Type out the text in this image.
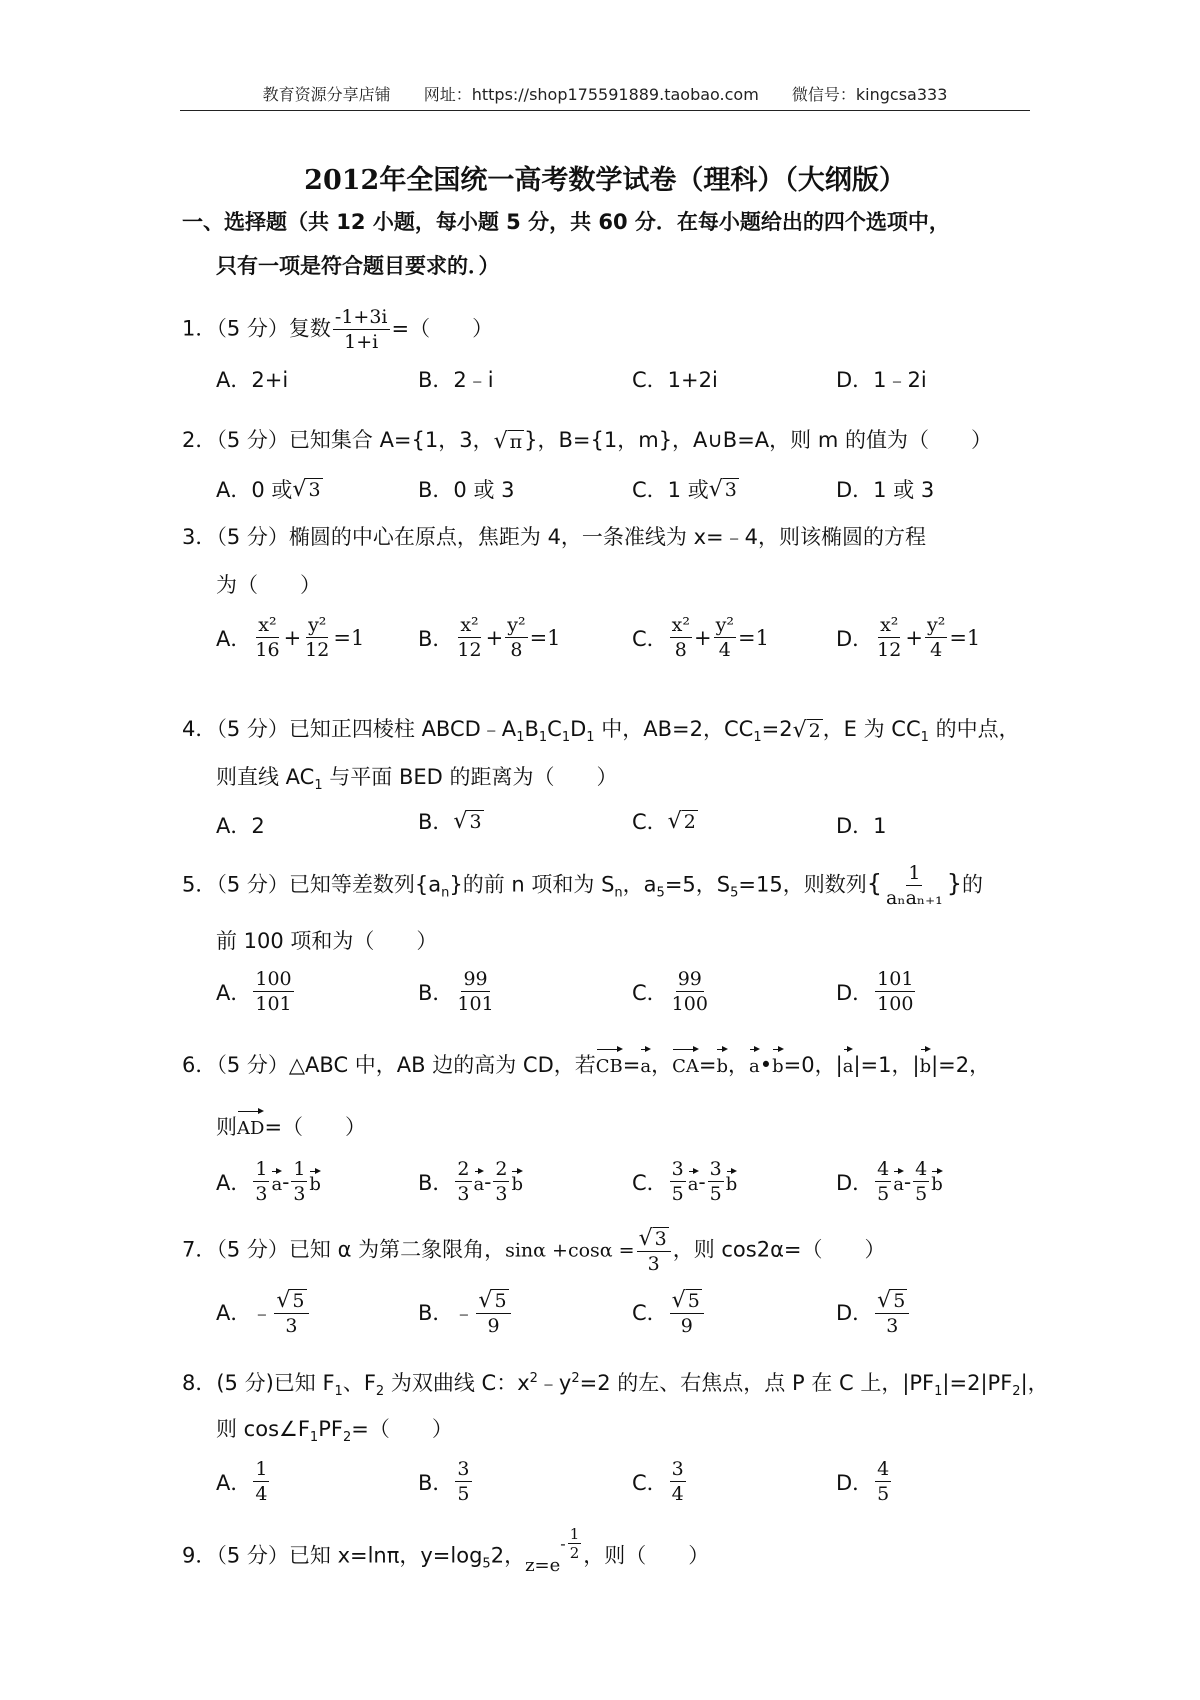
教育资源分享店铺 网址：https://shop175591889.taobao.com 微信号：kingcsa333
2012年全国统一高考数学试卷（理科）（大纲版）
一、选择题（共 12 小题，每小题 5 分，共 60 分．在每小题给出的四个选项中，
只有一项是符合题目要求的．）
1．（5 分）复数 $\frac{-1+3i}{1+i}$ =（　　）
A．2+i	B．2﹣i	C．1+2i	D．1﹣2i
2．（5 分）已知集合 A={1，3， √ π }，B={1，m}，A∪B=A，则 m 的值为（　　）
A．0 或 √ 3	B．0 或 3	C．1 或 √ 3	D．1 或 3
3．（5 分）椭圆的中心在原点，焦距为 4，一条准线为 x=﹣4，则该椭圆的方程
为（　　）
A． $\frac{\text{x²}}{16} + \frac{\text{y²}}{12} =1$	B． $\frac{\text{x²}}{12} + \frac{\text{y²}}{8} =1$	C． $\frac{\text{x²}}{8} + \frac{\text{y²}}{4} =1$	D． $\frac{\text{x²}}{12} + \frac{\text{y²}}{4} =1$
4．（5 分）已知正四棱柱 $ABCD﹣A_1B_1C_1D_1$ 中，AB=2，$CC_1=2$ √ 2 ，E 为 $CC_1$ 的中点，
则直线 $AC_1$ 与平面 BED 的距离为（　　）
A．2	B． √ 3	C． √ 2	D．1
5．（5 分）已知等差数列$\{a_n\}$的前 n 项和为 $S_n$，$a_5=5$，$S_5=15$，则数列{ $\frac{1}{\text{aₙaₙ₊₁}}$ }的
前 100 项和为（　　）
A． $\frac{100}{101}$	B． $\frac{99}{101}$	C． $\frac{99}{100}$	D． $\frac{101}{100}$
6．（5 分）△ABC 中，AB 边的高为 CD，若CB=a，CA=b，a•b=0，|a|=1，|b|=2，
则AD=（　　）
A． $\frac{1}{3}$ a - $\frac{1}{3}$ b	B． $\frac{2}{3}$ a - $\frac{2}{3}$ b	C． $\frac{3}{5}$ a - $\frac{3}{5}$ b	D． $\frac{4}{5}$ a - $\frac{4}{5}$ b
7．（5 分）已知 α 为第二象限角，$\sin\alpha +\cos\alpha = \frac{√ 3}{3}$ ，则 cos2α=（　　）
A． ﹣ $\frac{√ 5}{3}$	B． ﹣ $\frac{√ 5}{9}$	C． $\frac{√ 5}{9}$	D． $\frac{√ 5}{3}$
8．(5 分)已知 $F_1$、$F_2$ 为双曲线 C：$x^2﹣y^2=2$ 的左、右焦点，点 P 在 C 上，$|PF_1|=2|PF_2|$，
则 $\cos\angle F_1PF_2=$（　　）
A． $\frac{1}{4}$	B． $\frac{3}{5}$	C． $\frac{3}{4}$	D． $\frac{4}{5}$
9．（5 分）已知 x=lnπ，$y=\log_52$，z=e
- $\frac{1}{2}$ ，则（　　）
